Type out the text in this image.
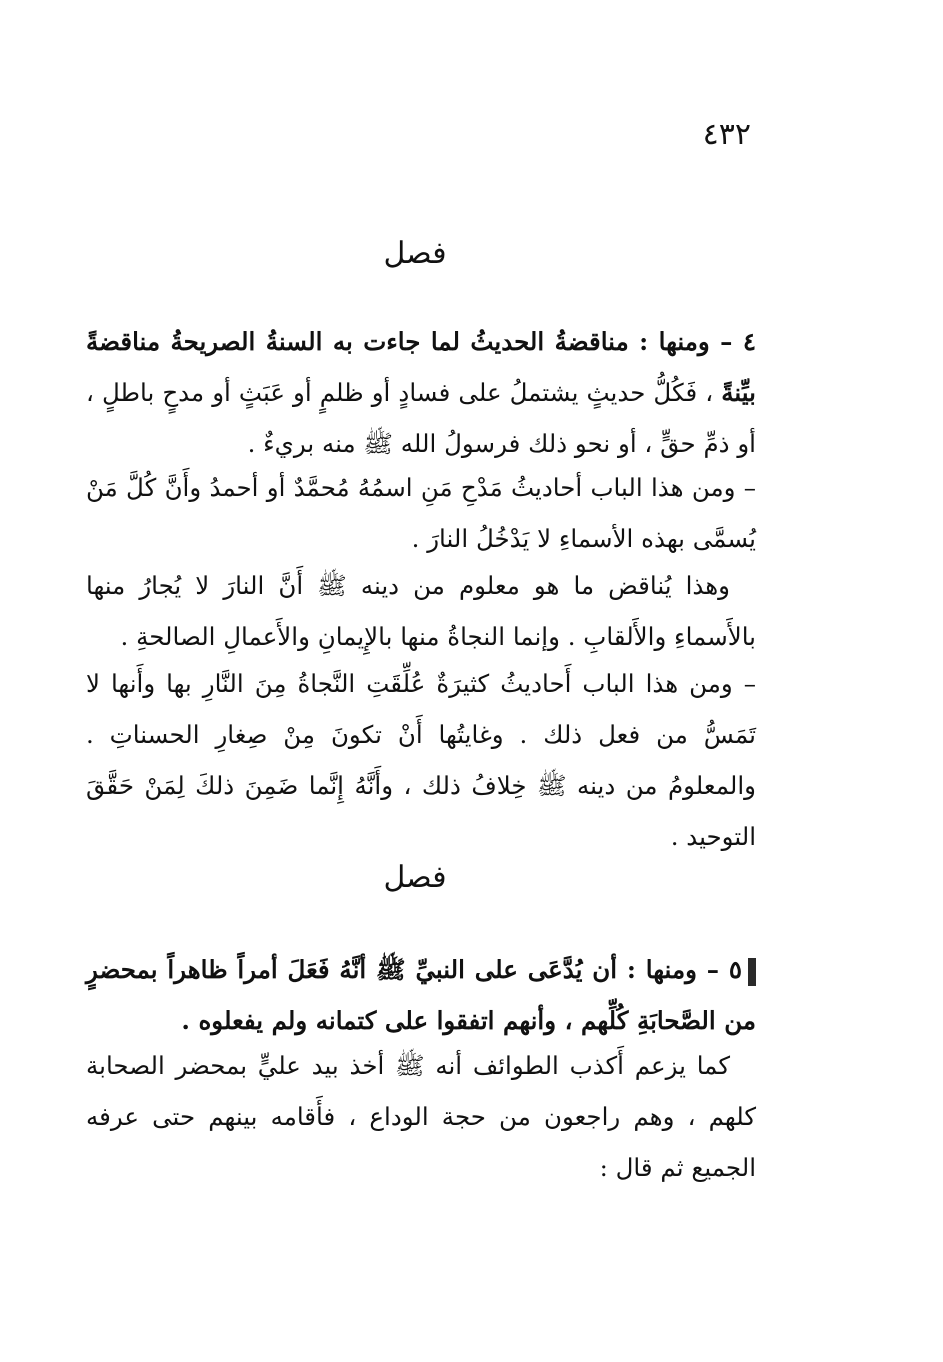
٤٣٢
فصل
٤ – ومنها : مناقضةُ الحديثُ لما جاءت به السنةُ الصريحةُ مناقضةً بيِّنةً ، فَكُلُّ حديثٍ يشتملُ على فسادٍ أو ظلمٍ أو عَبَثٍ أو مدحٍ باطلٍ ، أو ذمِّ حقٍّ ، أو نحو ذلك فرسولُ الله ﷺ منه بريءٌ .
– ومن هذا الباب أحاديثُ مَدْحِ مَنِ اسمُهُ مُحمَّدٌ أو أحمدُ وأَنَّ كُلَّ مَنْ يُسمَّى بهذه الأسماءِ لا يَدْخُلُ النارَ .
وهذا يُناقض ما هو معلوم من دينه ﷺ أَنَّ النارَ لا يُجارُ منها بالأَسماءِ والأَلقابِ . وإنما النجاةُ منها بالإِيمانِ والأَعمالِ الصالحةِ .
– ومن هذا الباب أَحاديثُ كثيرَةٌ عُلِّقَتِ النَّجاةُ مِنَ النَّارِ بها وأَنها لا تَمَسُّ من فعل ذلك . وغايتُها أَنْ تكونَ مِنْ صِغارِ الحسناتِ . والمعلومُ من دينه ﷺ خِلافُ ذلك ، وأَنَّهُ إِنَّما ضَمِنَ ذلكَ لِمَنْ حَقَّقَ التوحيد .
فصل
٥ – ومنها : أن يُدَّعَى على النبيِّ ﷺ أنَّهُ فَعَلَ أمراً ظاهراً بمحضرٍ من الصَّحابَةِ كُلِّهم ، وأنهم اتفقوا على كتمانه ولم يفعلوه .
كما يزعم أَكذب الطوائف أنه ﷺ أخذ بيد عليٍّ بمحضر الصحابة كلهم ، وهم راجعون من حجة الوداع ، فأَقامه بينهم حتى عرفه الجميع ثم قال :
